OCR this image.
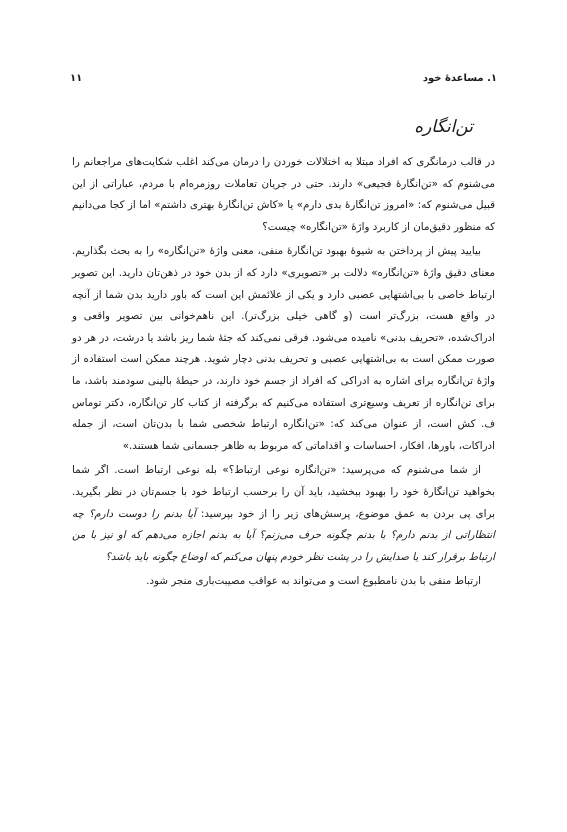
۱. مساعدهٔ خود
۱۱
تن‌انگاره

در قالب درمانگری که افراد مبتلا به اختلالات خوردن را درمان می‌کند اغلب شکایت‌های مراجعانم را می‌شنوم که «تن‌انگارهٔ فجیعی» دارند. حتی در جریان تعاملات روزمره‌ام با مردم، عباراتی از این قبیل می‌شنوم که: «امروز تن‌انگارهٔ بدی دارم» یا «کاش تن‌انگارهٔ بهتری داشتم» اما از کجا می‌دانیم که منظور دقیق‌مان از کاربرد واژهٔ «تن‌انگاره» چیست؟

بیایید پیش از پرداختن به شیوهٔ بهبود تن‌انگارهٔ منفی، معنی واژهٔ «تن‌انگاره» را به بحث بگذاریم. معنای دقیق واژهٔ «تن‌انگاره» دلالت بر «تصویری» دارد که از بدن خود در ذهن‌تان دارید. این تصویر ارتباط خاصی با بی‌اشتهایی عصبی دارد و یکی از علائمش این است که باور دارید بدن شما از آنچه در واقع هست، بزرگ‌تر است (و گاهی خیلی بزرگ‌تر). این ناهم‌خوانی بین تصویر واقعی و ادراک‌شده، «تحریف بدنی» نامیده می‌شود. فرقی نمی‌کند که جثهٔ شما ریز باشد یا درشت، در هر دو صورت ممکن است به بی‌اشتهایی عصبی و تحریف بدنی دچار شوید. هرچند ممکن است استفاده از واژهٔ تن‌انگاره برای اشاره به ادراکی که افراد از جسم خود دارند، در حیطهٔ بالینی سودمند باشد، ما برای تن‌انگاره از تعریف وسیع‌تری استفاده می‌کنیم که برگرفته از کتاب کار تن‌انگاره، دکتر توماس ف. کش است، از عنوان می‌کند که: «تن‌انگاره ارتباط شخصی شما با بدن‌تان است، از جمله ادراکات، باورها، افکار، احساسات و اقداماتی که مربوط به ظاهر جسمانی شما هستند.»

از شما می‌شنوم که می‌پرسید: «تن‌انگاره نوعی ارتباط؟» بله نوعی ارتباط است. اگر شما بخواهید تن‌انگارهٔ خود را بهبود ببخشید، باید آن را برحسب ارتباط خود با جسم‌تان در نظر بگیرید. برای پی بردن به عمق موضوع، پرسش‌های زیر را از خود بپرسید: آیا بدنم را دوست دارم؟ چه انتظاراتی از بدنم دارم؟ با بدنم چگونه حرف می‌زنم؟ آیا به بدنم اجازه می‌دهم که او نیز با من ارتباط برقرار کند یا صدایش را در پشت نظر خودم پنهان می‌کنم که اوضاع چگونه باید باشد؟

ارتباط منفی با بدن نامطبوع است و می‌تواند به عواقب مصیبت‌باری منجر شود.
